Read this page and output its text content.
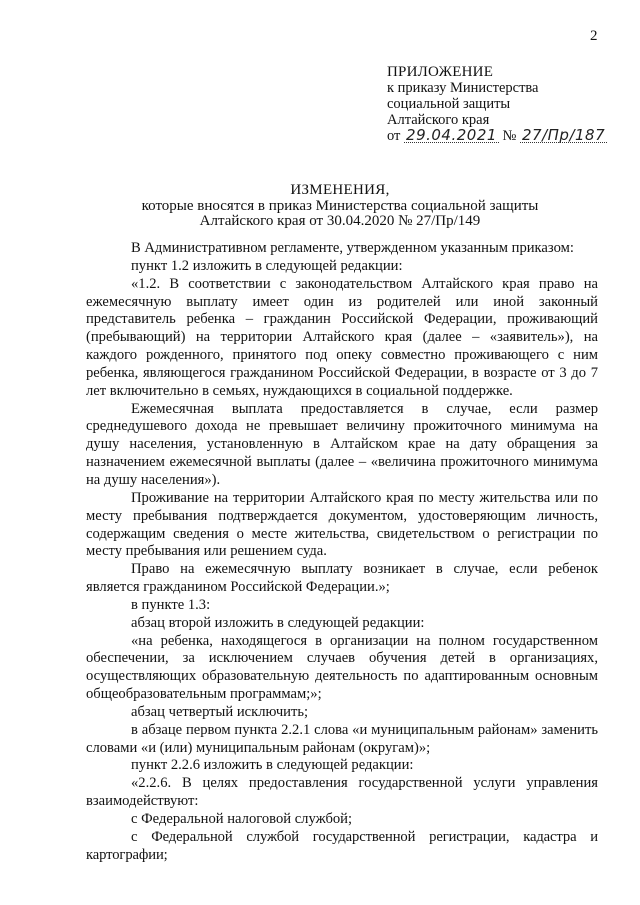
2
ПРИЛОЖЕНИЕ
к приказу Министерства
социальной защиты
Алтайского края
от 29.04.2021 № 27/Пр/187
ИЗМЕНЕНИЯ,
которые вносятся в приказ Министерства социальной защиты
Алтайского края от 30.04.2020 № 27/Пр/149

В Административном регламенте, утвержденном указанным приказом:

пункт 1.2 изложить в следующей редакции:

«1.2. В соответствии с законодательством Алтайского края право на ежемесячную выплату имеет один из родителей или иной законный представитель ребенка – гражданин Российской Федерации, проживающий (пребывающий) на территории Алтайского края (далее – «заявитель»), на каждого рожденного, принятого под опеку совместно проживающего с ним ребенка, являющегося гражданином Российской Федерации, в возрасте от 3 до 7 лет включительно в семьях, нуждающихся в социальной поддержке.

Ежемесячная выплата предоставляется в случае, если размер среднедушевого дохода не превышает величину прожиточного минимума на душу населения, установленную в Алтайском крае на дату обращения за назначением ежемесячной выплаты (далее – «величина прожиточного минимума на душу населения»).

Проживание на территории Алтайского края по месту жительства или по месту пребывания подтверждается документом, удостоверяющим личность, содержащим сведения о месте жительства, свидетельством о регистрации по месту пребывания или решением суда.

Право на ежемесячную выплату возникает в случае, если ребенок является гражданином Российской Федерации.»;

в пункте 1.3:

абзац второй изложить в следующей редакции:

«на ребенка, находящегося в организации на полном государственном обеспечении, за исключением случаев обучения детей в организациях, осуществляющих образовательную деятельность по адаптированным основным общеобразовательным программам;»;

абзац четвертый исключить;

в абзаце первом пункта 2.2.1 слова «и муниципальным районам» заменить словами «и (или) муниципальным районам (округам)»;

пункт 2.2.6 изложить в следующей редакции:

«2.2.6. В целях предоставления государственной услуги управления взаимодействуют:

с Федеральной налоговой службой;

с Федеральной службой государственной регистрации, кадастра и картографии;
